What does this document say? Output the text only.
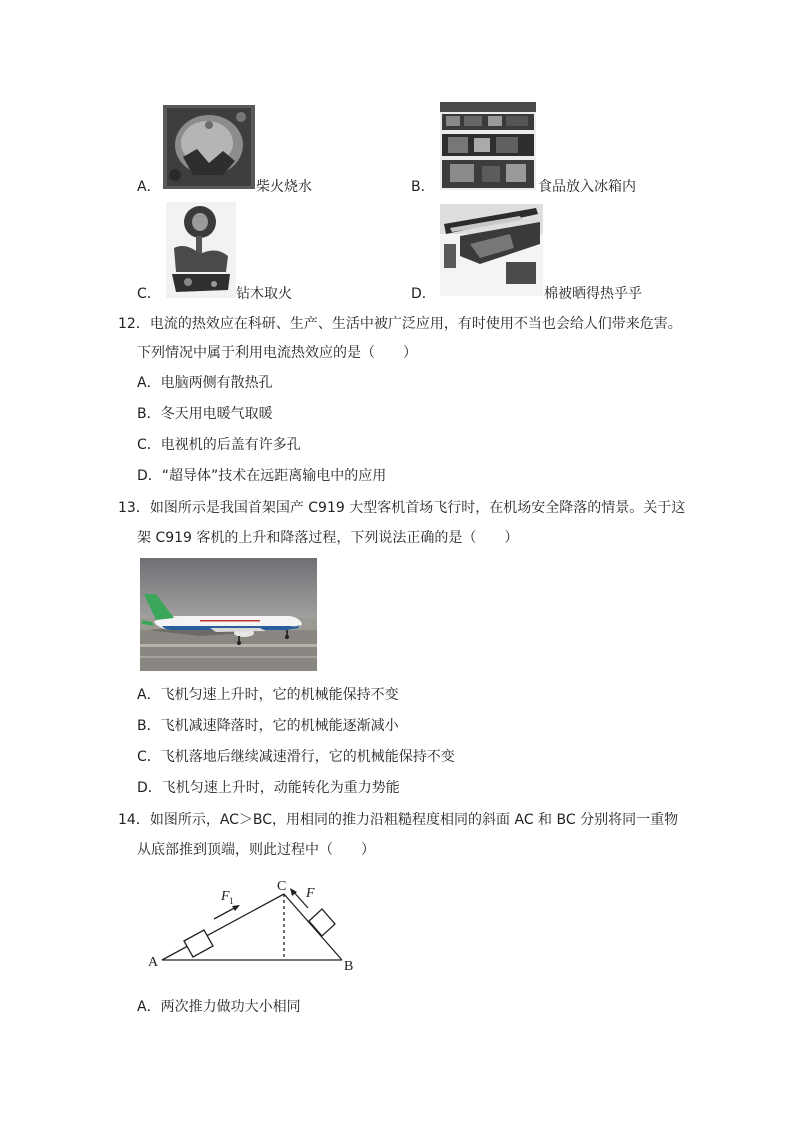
A．	柴火烧水	B．	食品放入冰箱内
C．	钻木取火	D．	棉被晒得热乎乎
12．电流的热效应在科研、生产、生活中被广泛应用，有时使用不当也会给人们带来危害。
下列情况中属于利用电流热效应的是（　　）
A．电脑两侧有散热孔
B．冬天用电暖气取暖
C．电视机的后盖有许多孔
D．“超导体”技术在远距离输电中的应用
13．如图所示是我国首架国产 C919 大型客机首场飞行时，在机场安全降落的情景。关于这
架 C919 客机的上升和降落过程，下列说法正确的是（　　）
A．飞机匀速上升时，它的机械能保持不变
B．飞机减速降落时，它的机械能逐渐减小
C．飞机落地后继续减速滑行，它的机械能保持不变
D．飞机匀速上升时，动能转化为重力势能
14．如图所示，AC＞BC，用相同的推力沿粗糙程度相同的斜面 AC 和 BC 分别将同一重物
从底部推到顶端，则此过程中（　　）
A	B
C
F 1	F
A．两次推力做功大小相同
